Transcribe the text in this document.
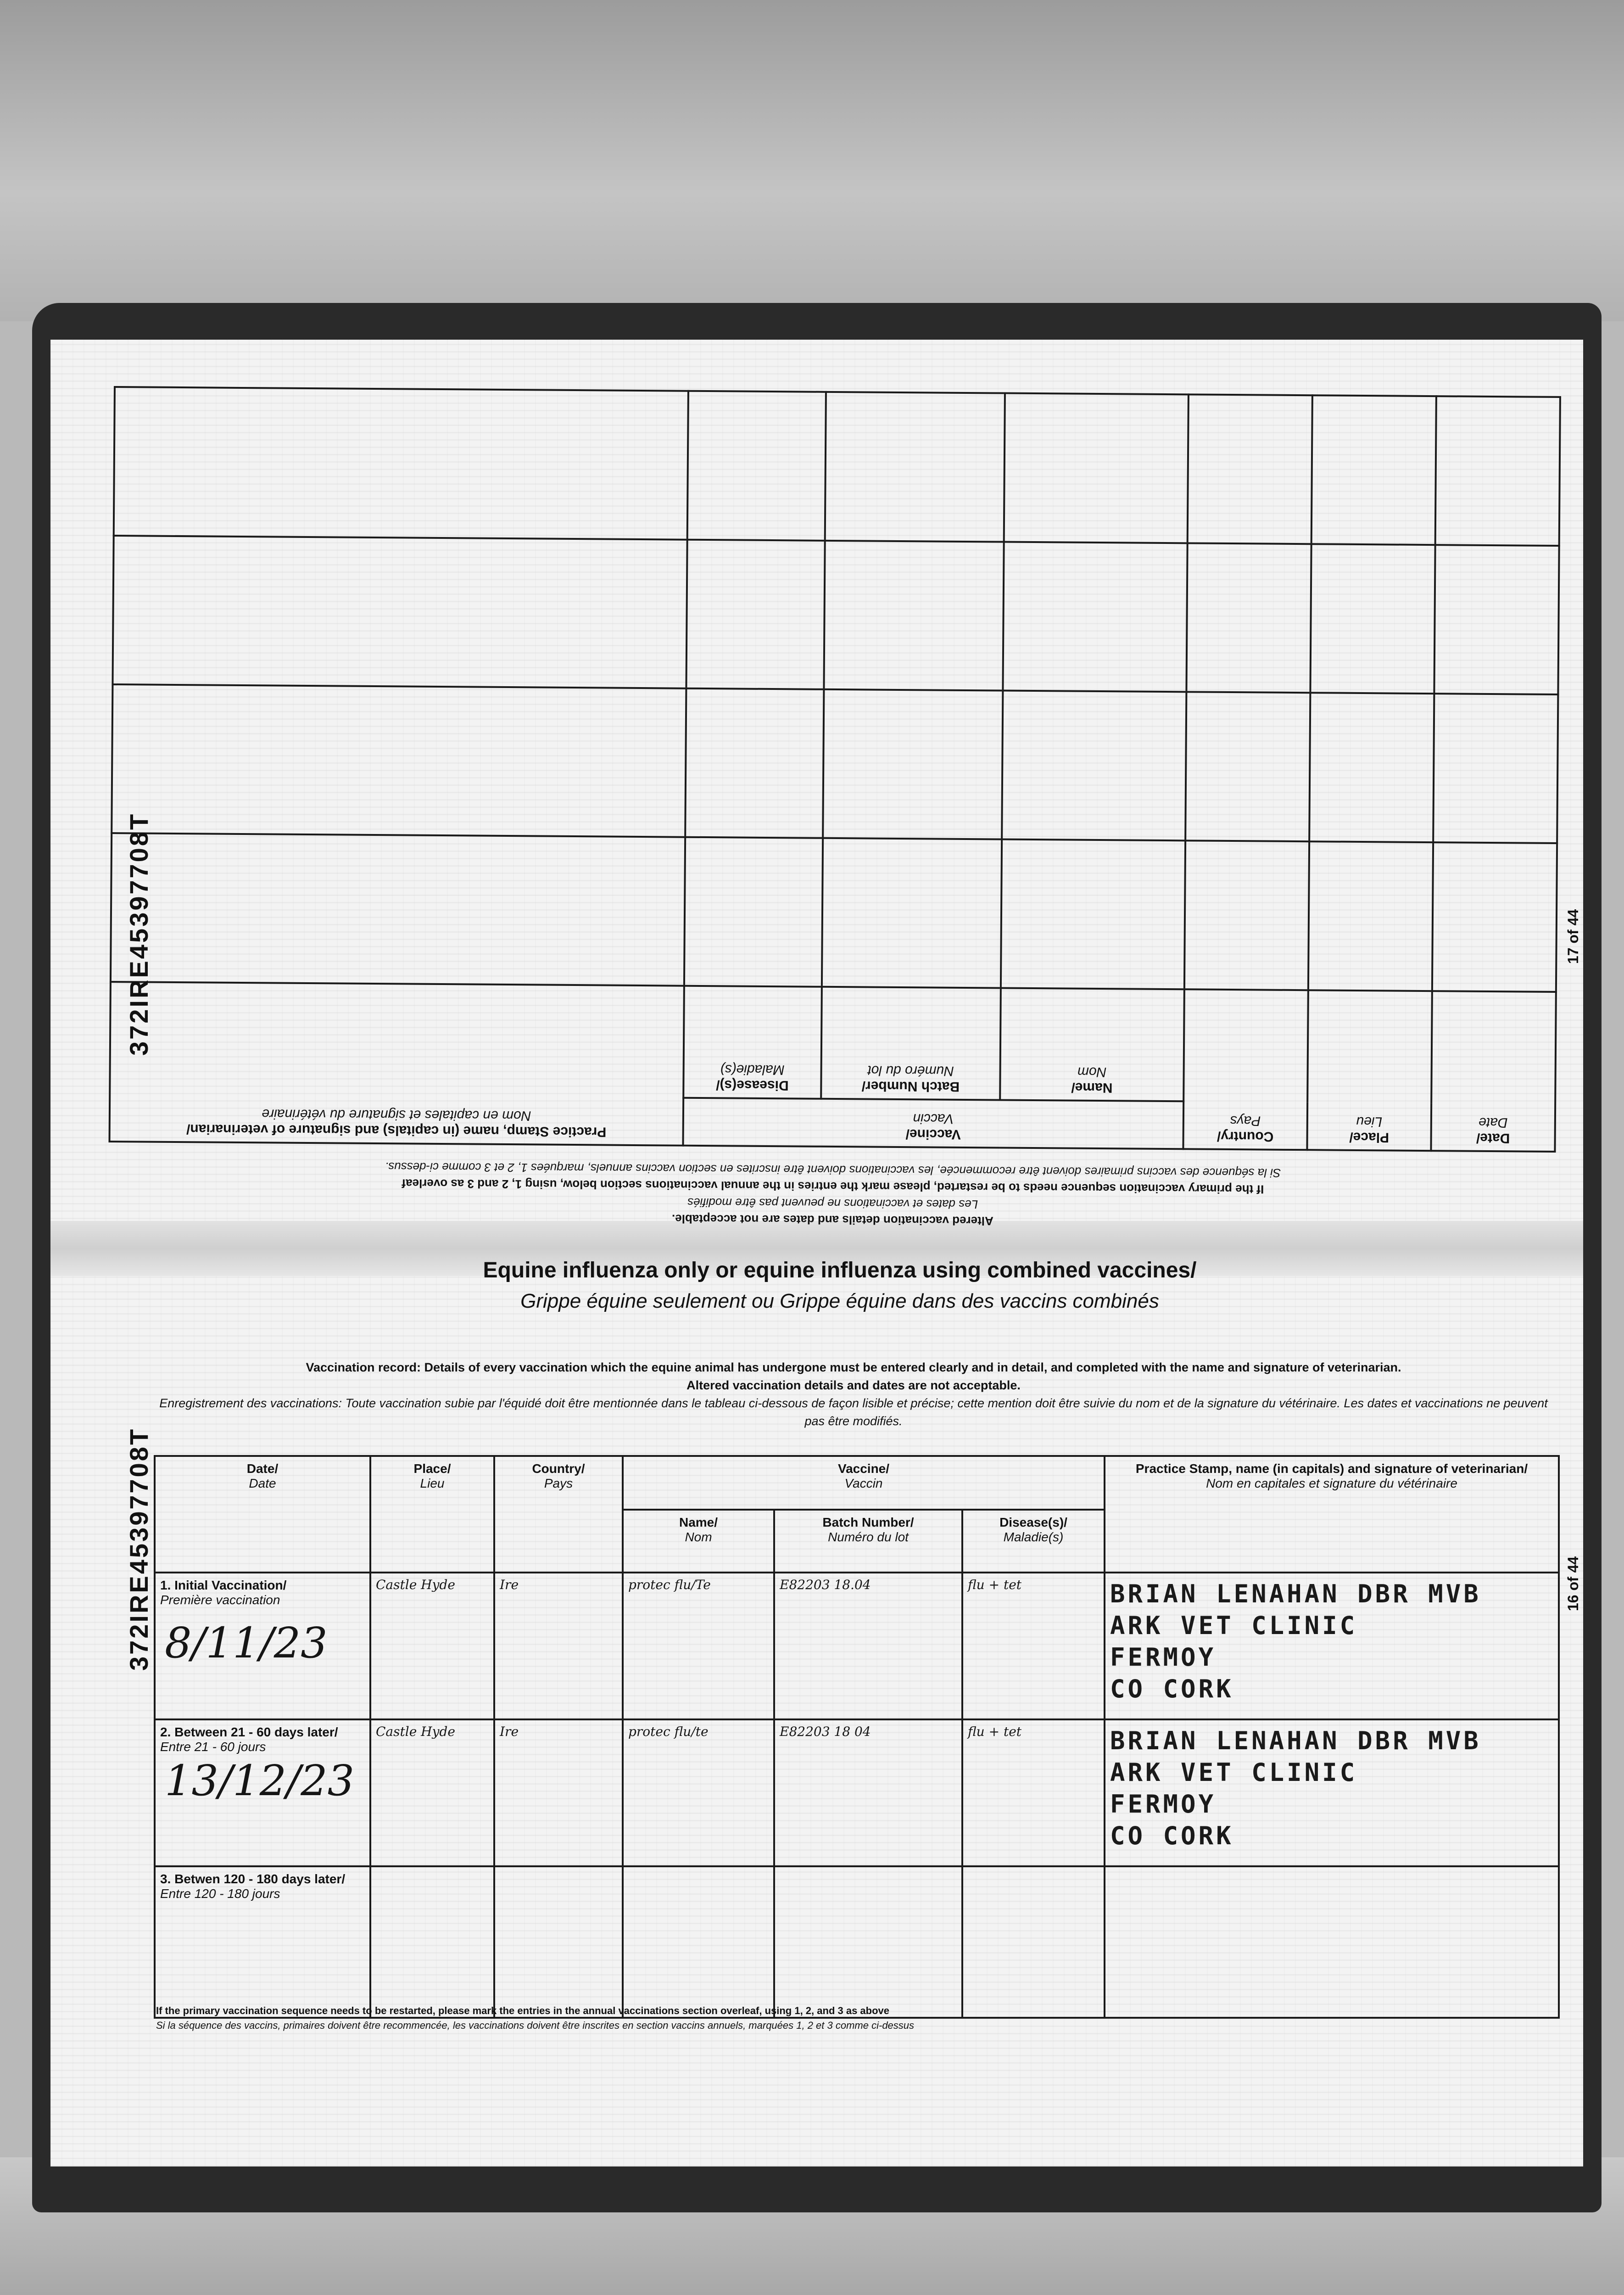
Altered vaccination details and dates are not acceptable.
Les dates et vaccinations ne peuvent pas être modifiés
If the primary vaccination sequence needs to be restarted, please mark the entries in the annual vaccinations section below, using 1, 2 and 3 as overleaf
Si la séquence des vaccins primaires doivent être recommencée, les vaccinations doivent être inscrites en section vaccins annuels, marquées 1, 2 et 3 comme ci-dessus.
Date/
Date	Place/
Lieu	Country/
Pays	Vaccine/
Vaccin			Practice Stamp, name (in capitals) and signature of veterinarian/
Nom en capitales et signature du vétérinaire

			Name/
Nom	Batch Number/
Numéro du lot	Disease(s)/
Maladie(s)	

372IRE45397708T	17 of 44
Equine influenza only or equine influenza using combined vaccines/
Grippe équine seulement ou Grippe équine dans des vaccins combinés
Vaccination record: Details of every vaccination which the equine animal has undergone must be entered clearly and in detail, and completed with the name and signature of veterinarian.
Altered vaccination details and dates are not acceptable.
Enregistrement des vaccinations: Toute vaccination subie par l'équidé doit être mentionnée dans le tableau ci-dessous de façon lisible et précise; cette mention doit être suivie du nom et de la signature du vétérinaire. Les dates et vaccinations ne peuvent pas être modifiés.
372IRE45397708T	16 of 44
Date/
Date	Place/
Lieu	Country/
Pays	Vaccine/
Vaccin			Practice Stamp, name (in capitals) and signature of veterinarian/
Nom en capitales et signature du vétérinaire

			Name/
Nom	Batch Number/
Numéro du lot	Disease(s)/
Maladie(s)	

1. Initial Vaccination/
Première vaccination
8/11/23	Castle Hyde	Ire	protec flu/Te	E82203 18.04	flu + tet	BRIAN LENAHAN DBR MVB
ARK VET CLINIC
FERMOY
CO CORK

2. Between 21 - 60 days later/
Entre 21 - 60 jours
13/12/23	Castle Hyde	Ire	protec flu/te	E82203 18 04	flu + tet	BRIAN LENAHAN DBR MVB
ARK VET CLINIC
FERMOY
CO CORK

3. Betwen 120 - 180 days later/
Entre 120 - 180 jours						

If the primary vaccination sequence needs to be restarted, please mark the entries in the annual vaccinations section overleaf, using 1, 2, and 3 as above
Si la séquence des vaccins, primaires doivent être recommencée, les vaccinations doivent être inscrites en section vaccins annuels, marquées 1, 2 et 3 comme ci-dessus
